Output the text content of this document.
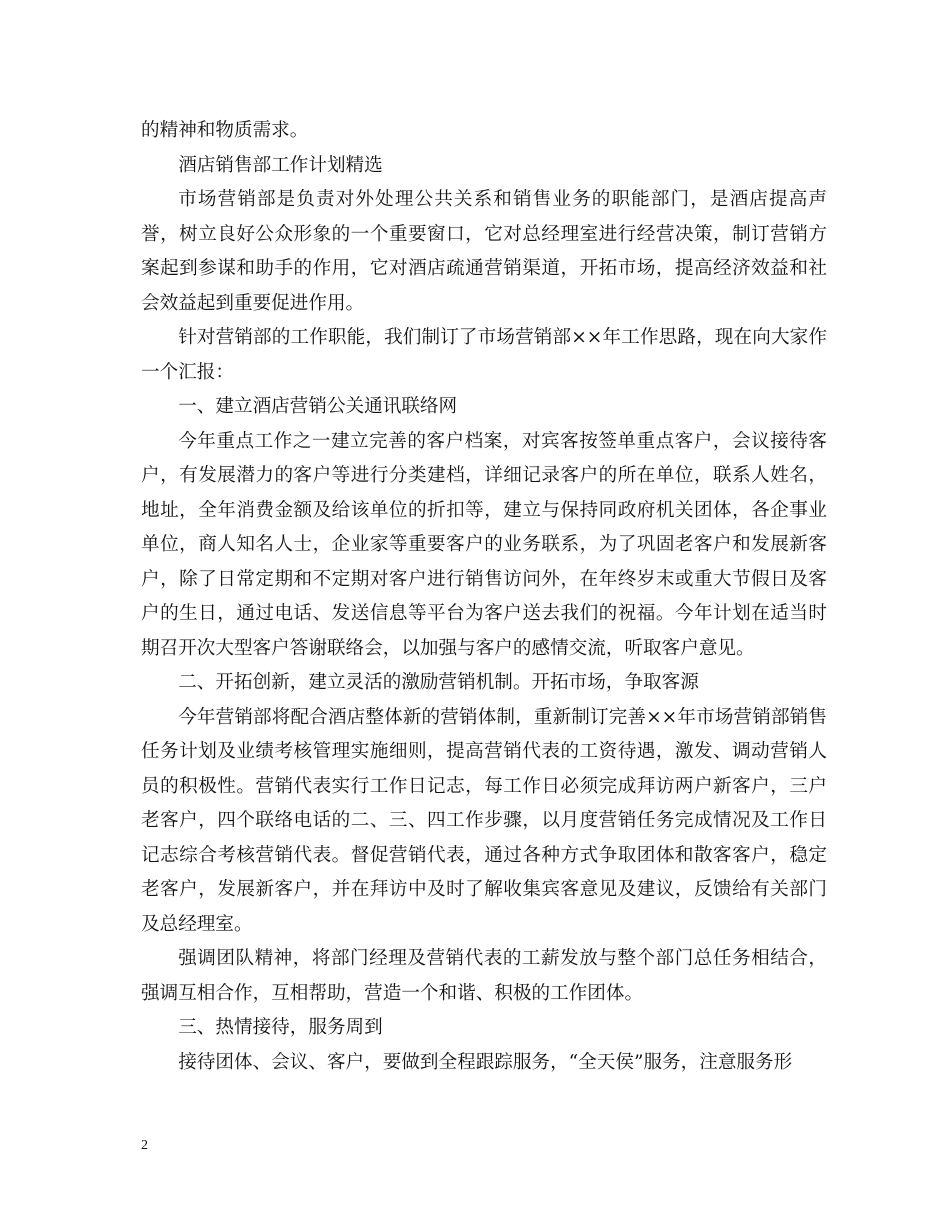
的精神和物质需求。

酒店销售部工作计划精选

市场营销部是负责对外处理公共关系和销售业务的职能部门，是酒店提高声誉，树立良好公众形象的一个重要窗口，它对总经理室进行经营决策，制订营销方案起到参谋和助手的作用，它对酒店疏通营销渠道，开拓市场，提高经济效益和社会效益起到重要促进作用。

针对营销部的工作职能，我们制订了市场营销部××年工作思路，现在向大家作一个汇报：

一、建立酒店营销公关通讯联络网

今年重点工作之一建立完善的客户档案，对宾客按签单重点客户，会议接待客户，有发展潜力的客户等进行分类建档，详细记录客户的所在单位，联系人姓名，地址，全年消费金额及给该单位的折扣等，建立与保持同政府机关团体，各企事业单位，商人知名人士，企业家等重要客户的业务联系，为了巩固老客户和发展新客户，除了日常定期和不定期对客户进行销售访问外，在年终岁末或重大节假日及客户的生日，通过电话、发送信息等平台为客户送去我们的祝福。今年计划在适当时期召开次大型客户答谢联络会，以加强与客户的感情交流，听取客户意见。

二、开拓创新，建立灵活的激励营销机制。开拓市场，争取客源

今年营销部将配合酒店整体新的营销体制，重新制订完善××年市场营销部销售任务计划及业绩考核管理实施细则，提高营销代表的工资待遇，激发、调动营销人员的积极性。营销代表实行工作日记志，每工作日必须完成拜访两户新客户，三户老客户，四个联络电话的二、三、四工作步骤，以月度营销任务完成情况及工作日记志综合考核营销代表。督促营销代表，通过各种方式争取团体和散客客户，稳定老客户，发展新客户，并在拜访中及时了解收集宾客意见及建议，反馈给有关部门及总经理室。

强调团队精神，将部门经理及营销代表的工薪发放与整个部门总任务相结合，强调互相合作，互相帮助，营造一个和谐、积极的工作团体。

三、热情接待，服务周到

接待团体、会议、客户，要做到全程跟踪服务，“全天侯”服务，注意服务形

2
